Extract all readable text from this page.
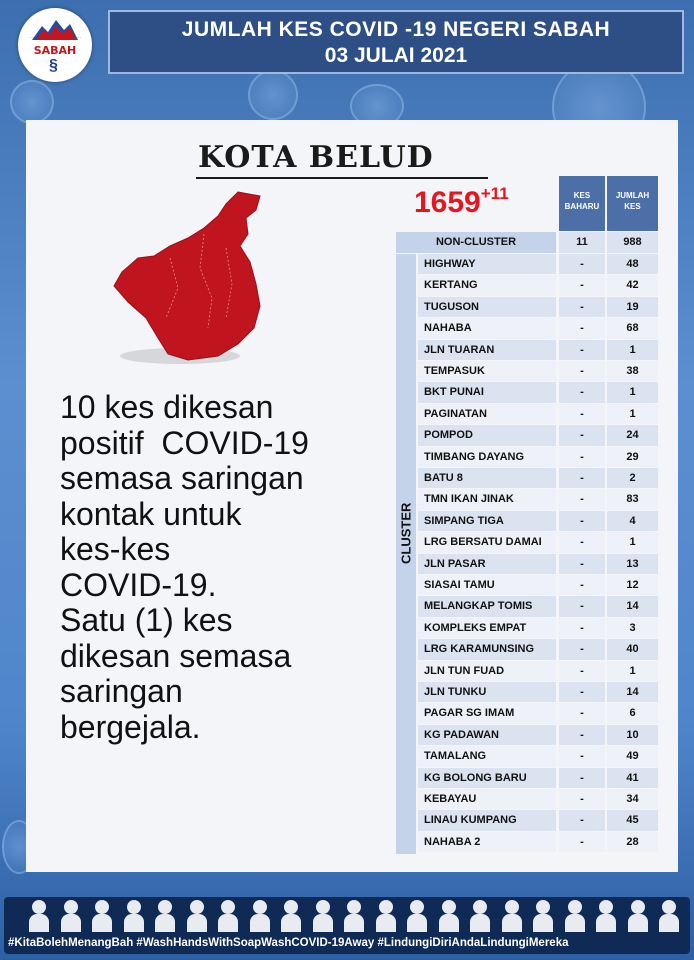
·······································
SABAH
§
JUMLAH KES COVID -19 NEGERI SABAH
03 JULAI 2021
KOTA BELUD
10 kes dikesan
positif  COVID-19
semasa saringan
kontak untuk
kes-kes
COVID-19.
Satu (1) kes
dikesan semasa
saringan
bergejala.
$1659^{+11}$	KES BAHARU
JUMLAH KES
NON-CLUSTER	11	988
HIGHWAY	-	48
KERTANG	-	42
TUGUSON	-	19
NAHABA	-	68
JLN TUARAN	-	1
TEMPASUK	-	38
BKT PUNAI	-	1
PAGINATAN	-	1
POMPOD	-	24
TIMBANG DAYANG	-	29
BATU 8	-	2
TMN IKAN JINAK	-	83
SIMPANG TIGA	-	4
LRG BERSATU DAMAI	-	1
JLN PASAR	-	13
SIASAI TAMU	-	12
MELANGKAP TOMIS	-	14
KOMPLEKS EMPAT	-	3
LRG KARAMUNSING	-	40
JLN TUN FUAD	-	1
JLN TUNKU	-	14
PAGAR SG IMAM	-	6
KG PADAWAN	-	10
TAMALANG	-	49
KG BOLONG BARU	-	41
KEBAYAU	-	34
LINAU KUMPANG	-	45
NAHABA 2	-	28
#KitaBolehMenangBah #WashHandsWithSoapWashCOVID-19Away #LindungiDiriAndaLindungiMereka
